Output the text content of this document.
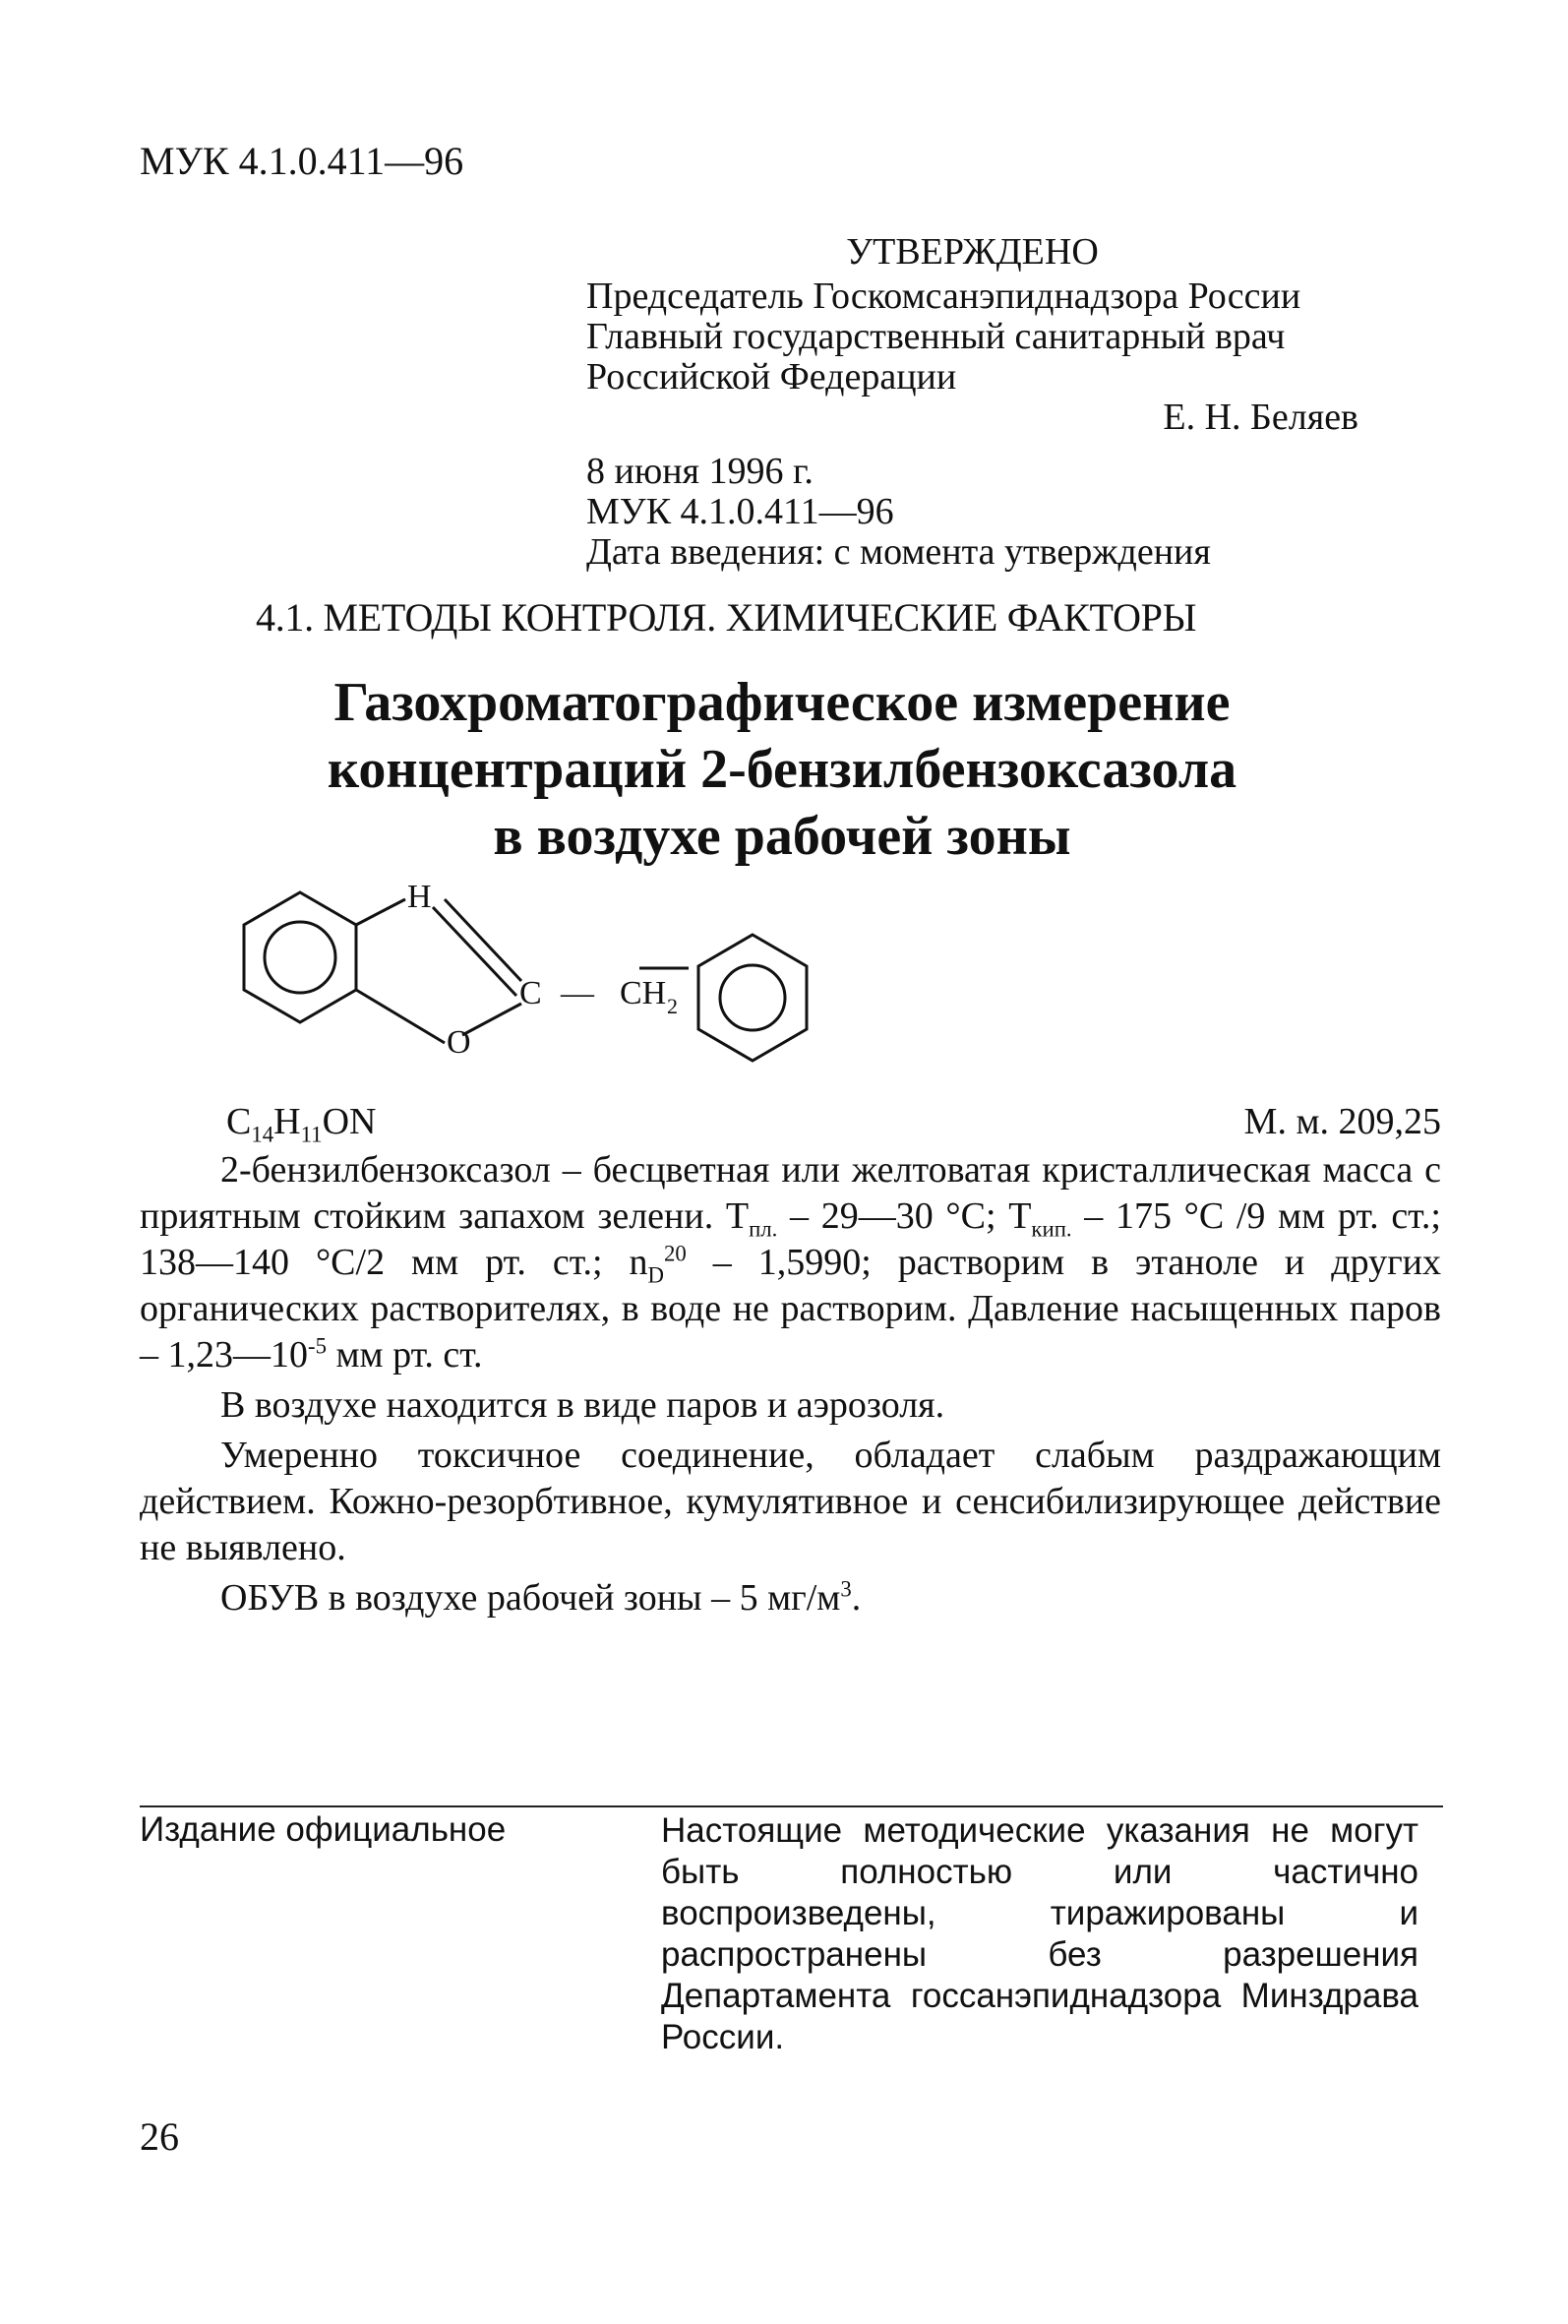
МУК 4.1.0.411—96
УТВЕРЖДЕНО
Председатель Госкомсанэпиднадзора России
Главный государственный санитарный врач
Российской Федерации
Е. Н. Беляев
8 июня 1996 г.
МУК 4.1.0.411—96
Дата введения: с момента утверждения
4.1. МЕТОДЫ КОНТРОЛЯ. ХИМИЧЕСКИЕ ФАКТОРЫ
Газохроматографическое измерение
концентраций 2-бензилбензоксазола
в воздухе рабочей зоны
H
C
O
— CH 2
$C_{14}H_{11}ON$	М. м. 209,25

2-бензилбензоксазол – бесцветная или желтоватая кристаллическая масса с приятным стойким запахом зелени. $T_{пл.}$ – 29—30 °С; $T_{кип.} - 175$ °С /9 мм рт. ст.; 138—140 °С/2 мм рт. ст.; $n_D^{20} - 1,5990$; растворим в этаноле и других органических растворителях, в воде не растворим. Давление насыщенных паров – $1,23—10^{-5}$ мм рт. ст.

В воздухе находится в виде паров и аэрозоля.

Умеренно токсичное соединение, обладает слабым раздражающим действием. Кожно-резорбтивное, кумулятивное и сенсибилизирующее действие не выявлено.

ОБУВ в воздухе рабочей зоны – 5 $мг/м^3$.

Издание официальное	Настоящие методические указания не могут быть полностью или частично воспроизведены, тиражированы и распространены без разрешения Департамента госсанэпиднадзора Минздрава России.
26
